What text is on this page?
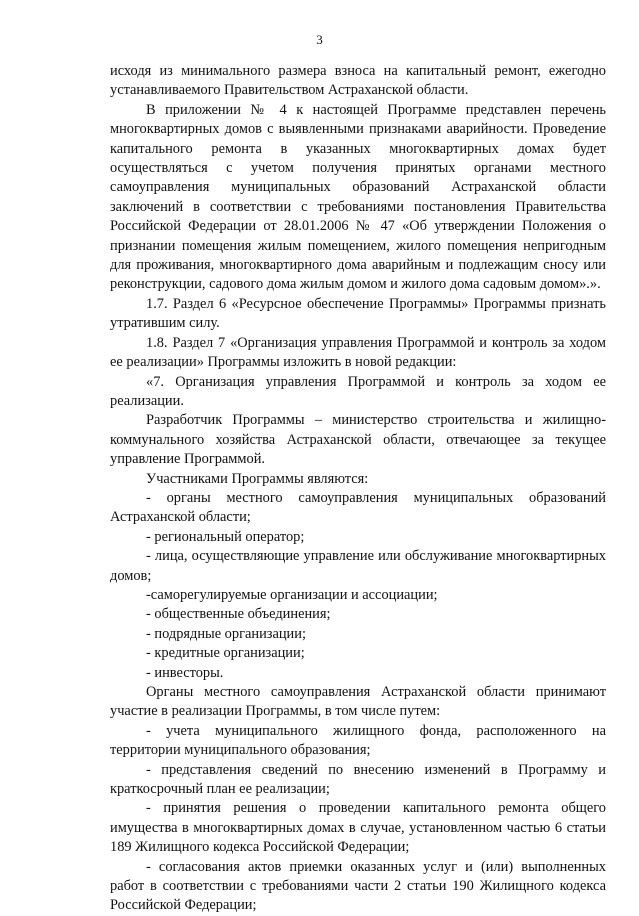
3

исходя из минимального размера взноса на капитальный ремонт, ежегодно устанавливаемого Правительством Астраханской области.

В приложении № 4 к настоящей Программе представлен перечень многоквартирных домов с выявленными признаками аварийности. Проведение капитального ремонта в указанных многоквартирных домах будет осуществляться с учетом получения принятых органами местного самоуправления муниципальных образований Астраханской области заключений в соответствии с требованиями постановления Правительства Российской Федерации от 28.01.2006 № 47 «Об утверждении Положения о признании помещения жилым помещением, жилого помещения непригодным для проживания, многоквартирного дома аварийным и подлежащим сносу или реконструкции, садового дома жилым домом и жилого дома садовым домом».».

1.7. Раздел 6 «Ресурсное обеспечение Программы» Программы признать утратившим силу.

1.8. Раздел 7 «Организация управления Программой и контроль за ходом ее реализации» Программы изложить в новой редакции:

«7. Организация управления Программой и контроль за ходом ее реализации.

Разработчик Программы – министерство строительства и жилищно-коммунального хозяйства Астраханской области, отвечающее за текущее управление Программой.

Участниками Программы являются:

- органы местного самоуправления муниципальных образований Астраханской области;

- региональный оператор;

- лица, осуществляющие управление или обслуживание многоквартирных домов;

-саморегулируемые организации и ассоциации;

- общественные объединения;

- подрядные организации;

- кредитные организации;

- инвесторы.

Органы местного самоуправления Астраханской области принимают участие в реализации Программы, в том числе путем:

- учета муниципального жилищного фонда, расположенного на территории муниципального образования;

- представления сведений по внесению изменений в Программу и краткосрочный план ее реализации;

- принятия решения о проведении капитального ремонта общего имущества в многоквартирных домах в случае, установленном частью 6 статьи 189 Жилищного кодекса Российской Федерации;

- согласования актов приемки оказанных услуг и (или) выполненных работ в соответствии с требованиями части 2 статьи 190 Жилищного кодекса Российской Федерации;
